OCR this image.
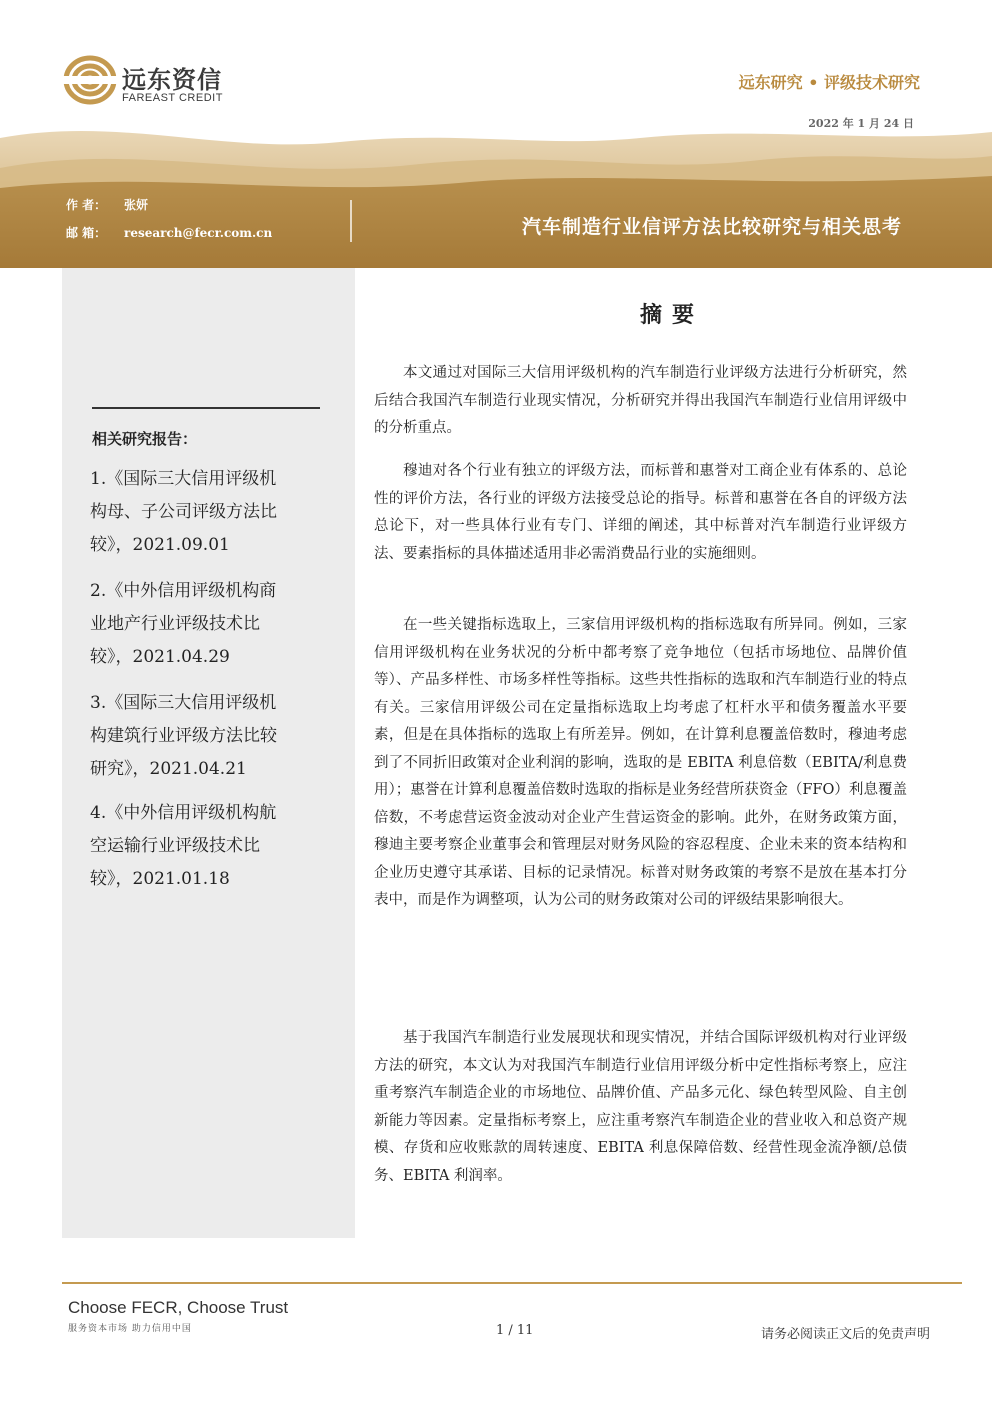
远东资信
FAREAST CREDIT
远东研究 • 评级技术研究
2022 年 1 月 24 日
作 者： 张妍
邮 箱： research@fecr.com.cn	汽车制造行业信评方法比较研究与相关思考
相关研究报告：
1.《国际三大信用评级机
构母、子公司评级方法比
较》，2021.09.01
2.《中外信用评级机构商
业地产行业评级技术比
较》，2021.04.29
3.《国际三大信用评级机
构建筑行业评级方法比较
研究》，2021.04.21
4.《中外信用评级机构航
空运输行业评级技术比
较》，2021.01.18
摘要

本文通过对国际三大信用评级机构的汽车制造行业评级方法进行分析研究，然后结合我国汽车制造行业现实情况，分析研究并得出我国汽车制造行业信用评级中的分析重点。

穆迪对各个行业有独立的评级方法，而标普和惠誉对工商企业有体系的、总论性的评价方法，各行业的评级方法接受总论的指导。标普和惠誉在各自的评级方法总论下，对一些具体行业有专门、详细的阐述，其中标普对汽车制造行业评级方法、要素指标的具体描述适用非必需消费品行业的实施细则。

在一些关键指标选取上，三家信用评级机构的指标选取有所异同。例如，三家信用评级机构在业务状况的分析中都考察了竞争地位（包括市场地位、品牌价值等）、产品多样性、市场多样性等指标。这些共性指标的选取和汽车制造行业的特点有关。三家信用评级公司在定量指标选取上均考虑了杠杆水平和债务覆盖水平要素，但是在具体指标的选取上有所差异。例如，在计算利息覆盖倍数时，穆迪考虑到了不同折旧政策对企业利润的影响，选取的是 EBITA 利息倍数（EBITA/利息费用）；惠誉在计算利息覆盖倍数时选取的指标是业务经营所获资金（FFO）利息覆盖倍数，不考虑营运资金波动对企业产生营运资金的影响。此外，在财务政策方面，穆迪主要考察企业董事会和管理层对财务风险的容忍程度、企业未来的资本结构和企业历史遵守其承诺、目标的记录情况。标普对财务政策的考察不是放在基本打分表中，而是作为调整项，认为公司的财务政策对公司的评级结果影响很大。

基于我国汽车制造行业发展现状和现实情况，并结合国际评级机构对行业评级方法的研究，本文认为对我国汽车制造行业信用评级分析中定性指标考察上，应注重考察汽车制造企业的市场地位、品牌价值、产品多元化、绿色转型风险、自主创新能力等因素。定量指标考察上，应注重考察汽车制造企业的营业收入和总资产规模、存货和应收账款的周转速度、EBITA 利息保障倍数、经营性现金流净额/总债务、EBITA 利润率。

Choose FECR, Choose Trust
服务资本市场 助力信用中国	1 / 11	请务必阅读正文后的免责声明
